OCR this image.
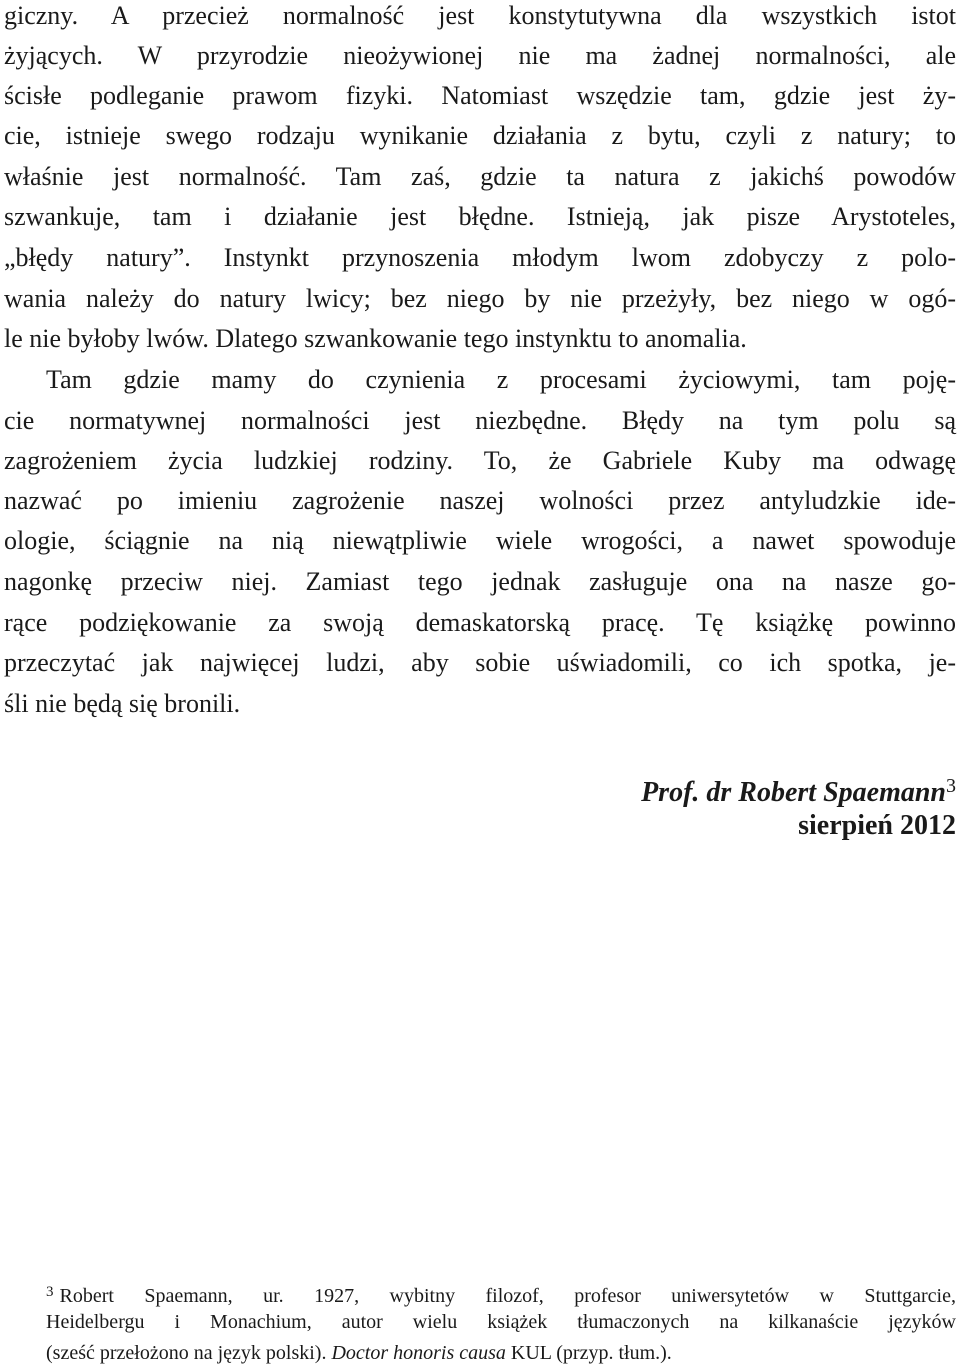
giczny. A przecież normalność jest konstytutywna dla wszystkich istot
żyjących. W przyrodzie nieożywionej nie ma żadnej normalności, ale
ścisłe podleganie prawom fizyki. Natomiast wszędzie tam, gdzie jest ży-
cie, istnieje swego rodzaju wynikanie działania z bytu, czyli z natury; to
właśnie jest normalność. Tam zaś, gdzie ta natura z jakichś powodów
szwankuje, tam i działanie jest błędne. Istnieją, jak pisze Arystoteles,
„błędy natury”. Instynkt przynoszenia młodym lwom zdobyczy z polo-
wania należy do natury lwicy; bez niego by nie przeżyły, bez niego w ogó-
le nie byłoby lwów. Dlatego szwankowanie tego instynktu to anomalia.
Tam gdzie mamy do czynienia z procesami życiowymi, tam poję-
cie normatywnej normalności jest niezbędne. Błędy na tym polu są
zagrożeniem życia ludzkiej rodziny. To, że Gabriele Kuby ma odwagę
nazwać po imieniu zagrożenie naszej wolności przez antyludzkie ide-
ologie, ściągnie na nią niewątpliwie wiele wrogości, a nawet spowoduje
nagonkę przeciw niej. Zamiast tego jednak zasługuje ona na nasze go-
rące podziękowanie za swoją demaskatorską pracę. Tę książkę powinno
przeczytać jak najwięcej ludzi, aby sobie uświadomili, co ich spotka, je-
śli nie będą się bronili.
Prof. dr Robert Spaemann$^3$
sierpień 2012
$^3$ Robert Spaemann, ur. 1927, wybitny filozof, profesor uniwersytetów w Stuttgarcie,
Heidelbergu i Monachium, autor wielu książek tłumaczonych na kilkanaście języków
(sześć przełożono na język polski). Doctor honoris causa KUL (przyp. tłum.).
